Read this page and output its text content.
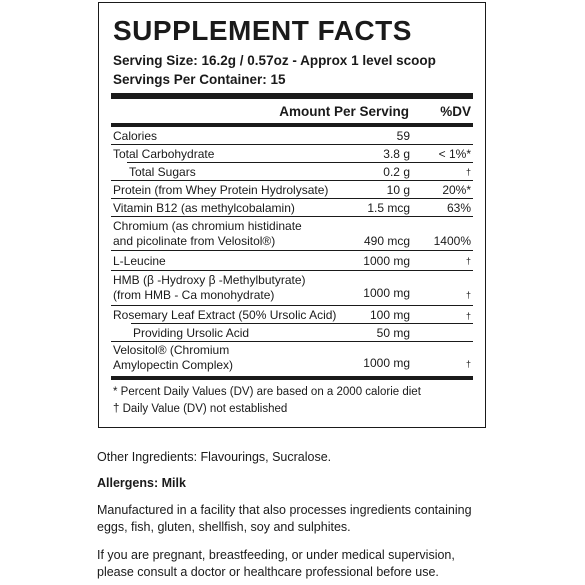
SUPPLEMENT FACTS
Serving Size: 16.2g / 0.57oz - Approx 1 level scoop
Servings Per Container: 15
Amount Per Serving %DV
Calories	59
Total Carbohydrate	3.8 g < 1%*
Total Sugars	0.2 g	†
Protein (from Whey Protein Hydrolysate)	10 g	20%*
Vitamin B12 (as methylcobalamin)	1.5 mcg	63%
Chromium (as chromium histidinate
and picolinate from Velositol®)	490 mcg 1400%
L-Leucine	1000 mg	†
HMB (β -Hydroxy β -Methylbutyrate)
(from HMB - Ca monohydrate)	1000 mg	†
Rosemary Leaf Extract (50% Ursolic Acid)	100 mg	†
Providing Ursolic Acid	50 mg
Velositol® (Chromium
Amylopectin Complex)	1000 mg	†
* Percent Daily Values (DV) are based on a 2000 calorie diet
† Daily Value (DV) not established
Other Ingredients: Flavourings, Sucralose.
Allergens: Milk
Manufactured in a facility that also processes ingredients containing
eggs, fish, gluten, shellfish, soy and sulphites.
If you are pregnant, breastfeeding, or under medical supervision,
please consult a doctor or healthcare professional before use.
